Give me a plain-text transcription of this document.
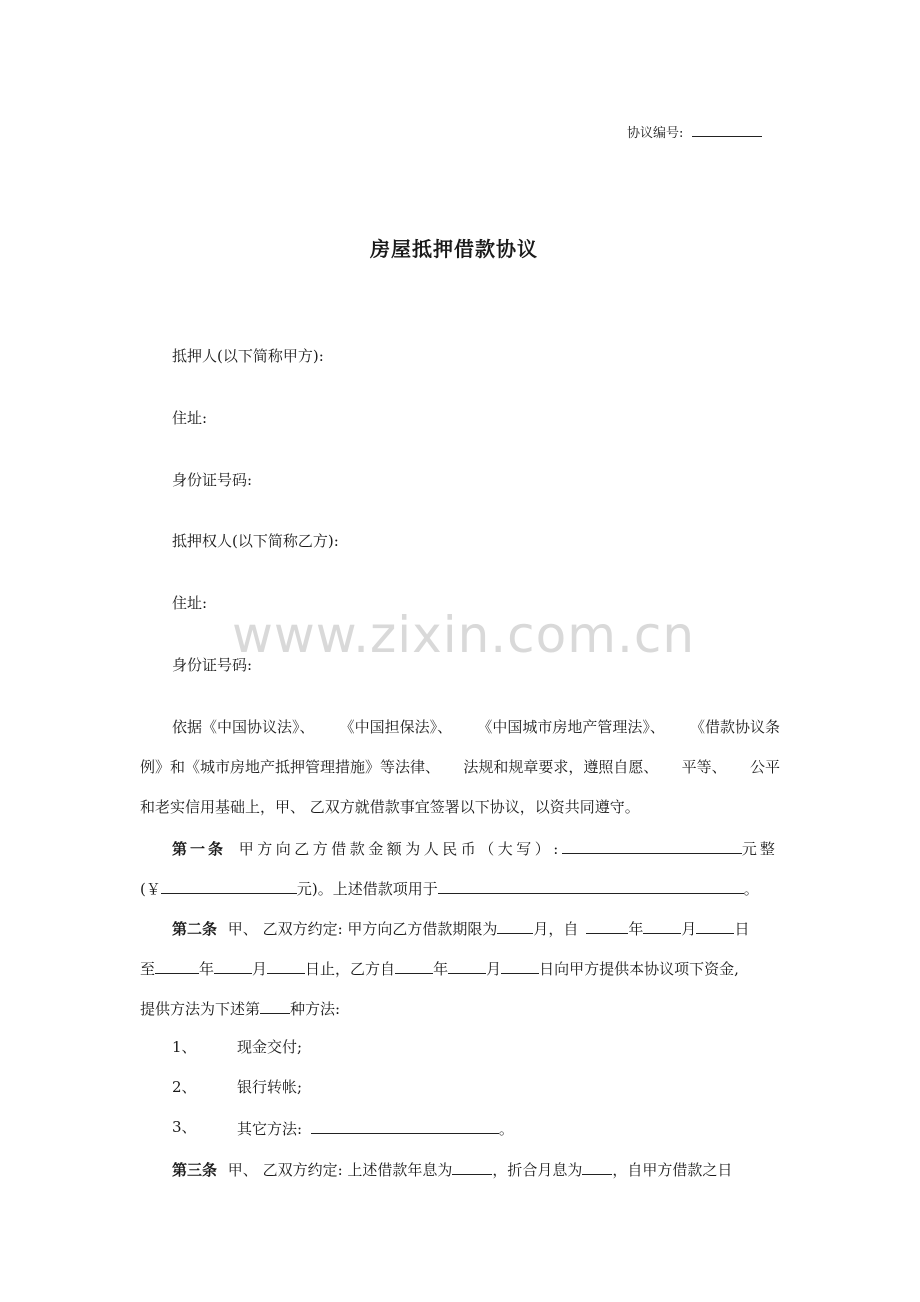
www.zixin.com.cn
协议编号:
房屋抵押借款协议
抵押人(以下简称甲方):
住址:
身份证号码:
抵押权人(以下简称乙方):
住址:
身份证号码:
依据《中国协议法》、 《中国担保法》、 《中国城市房地产管理法》、 《借款协议条
例》和《城市房地产抵押管理措施》等法律、 法规和规章要求，遵照自愿、 平等、 公平
和老实信用基础上，甲、 乙双方就借款事宜签署以下协议，以资共同遵守。
第一条 甲方向乙方借款金额为人民币（大写）:	元整
(￥	元)。上述借款项用于	。
第二条 甲、 乙双方约定: 甲方向乙方借款期限为 月，自	年	月	日
至	年	月	日止，乙方自	年	月	日向甲方提供本协议项下资金,
提供方法为下述第 种方法:
1、	现金交付;
2、	银行转帐;
3、	其它方法:	。
第三条 甲、 乙双方约定: 上述借款年息为	，折合月息为 ，自甲方借款之日
